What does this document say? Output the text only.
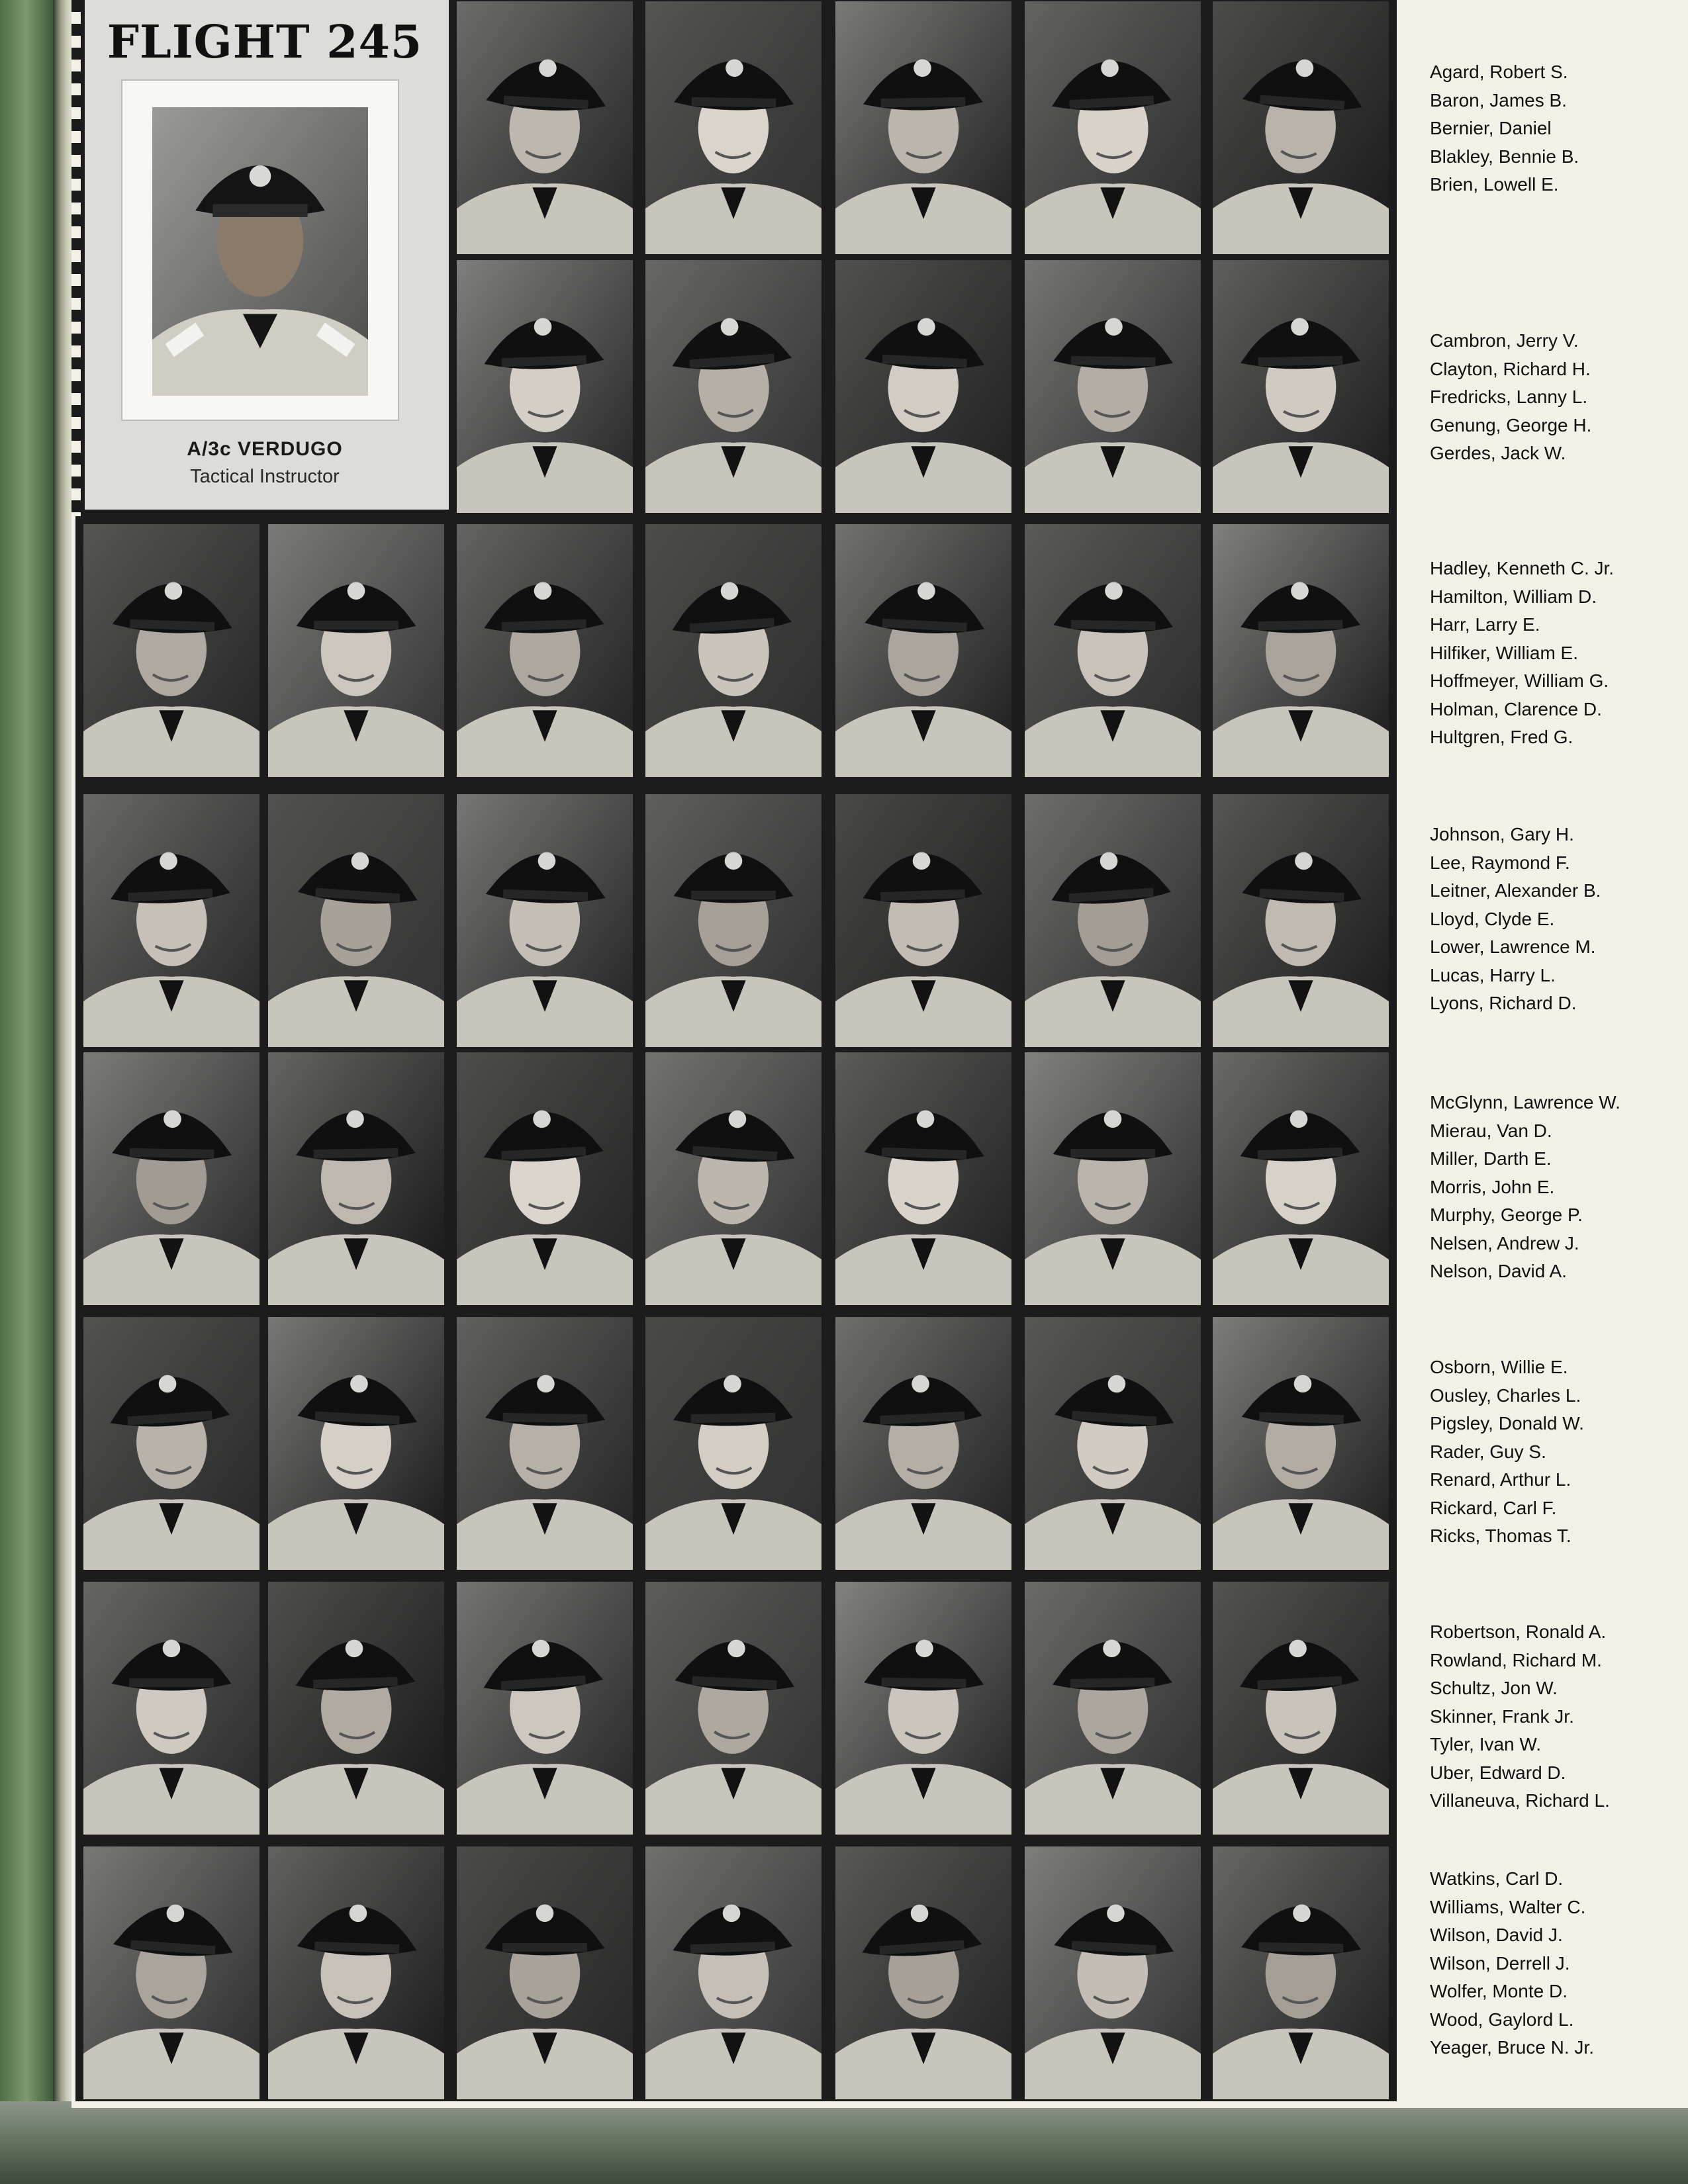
FLIGHT 245
A/3c VERDUGO
Tactical Instructor
Agard, Robert S.
Baron, James B.
Bernier, Daniel
Blakley, Bennie B.
Brien, Lowell E.
Cambron, Jerry V.
Clayton, Richard H.
Fredricks, Lanny L.
Genung, George H.
Gerdes, Jack W.
Hadley, Kenneth C. Jr.
Hamilton, William D.
Harr, Larry E.
Hilfiker, William E.
Hoffmeyer, William G.
Holman, Clarence D.
Hultgren, Fred G.
Johnson, Gary H.
Lee, Raymond F.
Leitner, Alexander B.
Lloyd, Clyde E.
Lower, Lawrence M.
Lucas, Harry L.
Lyons, Richard D.
McGlynn, Lawrence W.
Mierau, Van D.
Miller, Darth E.
Morris, John E.
Murphy, George P.
Nelsen, Andrew J.
Nelson, David A.
Osborn, Willie E.
Ousley, Charles L.
Pigsley, Donald W.
Rader, Guy S.
Renard, Arthur L.
Rickard, Carl F.
Ricks, Thomas T.
Robertson, Ronald A.
Rowland, Richard M.
Schultz, Jon W.
Skinner, Frank Jr.
Tyler, Ivan W.
Uber, Edward D.
Villaneuva, Richard L.
Watkins, Carl D.
Williams, Walter C.
Wilson, David J.
Wilson, Derrell J.
Wolfer, Monte D.
Wood, Gaylord L.
Yeager, Bruce N. Jr.
